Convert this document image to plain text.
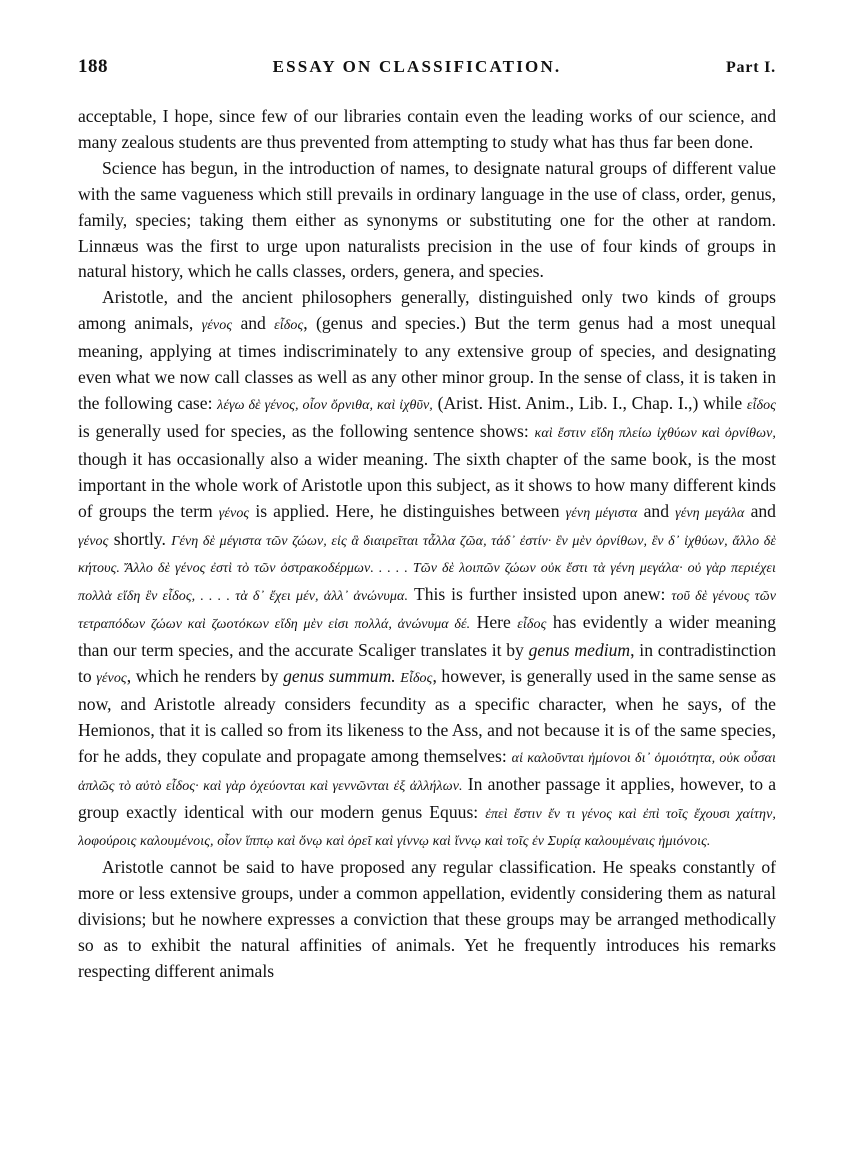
188	ESSAY ON CLASSIFICATION.	Part I.

acceptable, I hope, since few of our libraries contain even the leading works of our science, and many zealous students are thus prevented from attempting to study what has thus far been done.

Science has begun, in the introduction of names, to designate natural groups of different value with the same vagueness which still prevails in ordinary language in the use of class, order, genus, family, species; taking them either as synonyms or substituting one for the other at random. Linnæus was the first to urge upon naturalists precision in the use of four kinds of groups in natural history, which he calls classes, orders, genera, and species.

Aristotle, and the ancient philosophers generally, distinguished only two kinds of groups among animals, γένος and εἶδος, (genus and species.) But the term genus had a most unequal meaning, applying at times indiscriminately to any extensive group of species, and designating even what we now call classes as well as any other minor group. In the sense of class, it is taken in the following case: λέγω δὲ γένος, οἷον ὄρνιθα, καὶ ἰχθῦν, (Arist. Hist. Anim., Lib. I., Chap. I.,) while εἶδος is generally used for species, as the following sentence shows: καὶ ἔστιν εἴδη πλείω ἰχθύων καὶ ὀρνίθων, though it has occasionally also a wider meaning. The sixth chapter of the same book, is the most important in the whole work of Aristotle upon this subject, as it shows to how many different kinds of groups the term γένος is applied. Here, he distinguishes between γένη μέγιστα and γένη μεγάλα and γένος shortly. Γένη δὲ μέγιστα τῶν ζώων, εἰς ἃ διαιρεῖται τἆλλα ζῶα, τάδ᾽ ἐστίν· ἓν μὲν ὀρνίθων, ἓν δ᾽ ἰχθύων, ἄλλο δὲ κήτους. Ἄλλο δὲ γένος ἐστὶ τὸ τῶν ὀστρακοδέρμων. . . . . Τῶν δὲ λοιπῶν ζώων οὐκ ἔστι τὰ γένη μεγάλα· οὐ γὰρ περιέχει πολλὰ εἴδη ἓν εἶδος, . . . . τὰ δ᾽ ἔχει μέν, ἀλλ᾽ ἀνώνυμα. This is further insisted upon anew: τοῦ δὲ γένους τῶν τετραπόδων ζώων καὶ ζωοτόκων εἴδη μὲν εἰσι πολλά, ἀνώνυμα δέ. Here εἶδος has evidently a wider meaning than our term species, and the accurate Scaliger translates it by genus medium, in contradistinction to γένος, which he renders by genus summum. Εἶδος, however, is generally used in the same sense as now, and Aristotle already considers fecundity as a specific character, when he says, of the Hemionos, that it is called so from its likeness to the Ass, and not because it is of the same species, for he adds, they copulate and propagate among themselves: αἱ καλοῦνται ἡμίονοι δι᾽ ὁμοιότητα, οὐκ οὖσαι ἁπλῶς τὸ αὐτὸ εἶδος· καὶ γὰρ ὀχεύονται καὶ γεννῶνται ἐξ ἀλλήλων. In another passage it applies, however, to a group exactly identical with our modern genus Equus: ἐπεὶ ἔστιν ἔν τι γένος καὶ ἐπὶ τοῖς ἔχουσι χαίτην, λοφούροις καλουμένοις, οἷον ἵππῳ καὶ ὄνῳ καὶ ὀρεῖ καὶ γίννῳ καὶ ἴννῳ καὶ τοῖς ἐν Συρίᾳ καλουμέναις ἡμιόνοις.

Aristotle cannot be said to have proposed any regular classification. He speaks constantly of more or less extensive groups, under a common appellation, evidently considering them as natural divisions; but he nowhere expresses a conviction that these groups may be arranged methodically so as to exhibit the natural affinities of animals. Yet he frequently introduces his remarks respecting different animals
